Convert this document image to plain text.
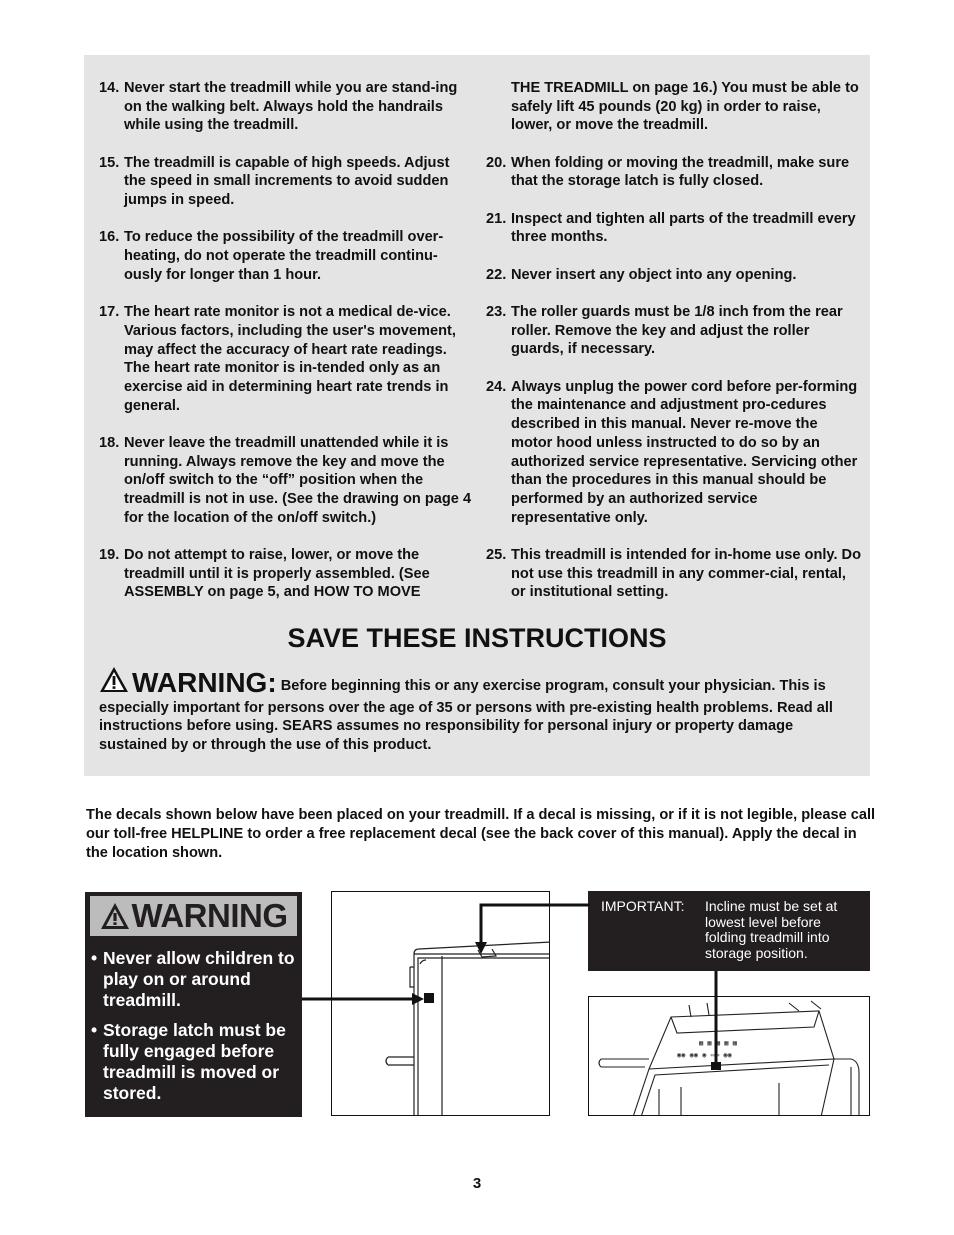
14. Never start the treadmill while you are stand-ing on the walking belt. Always hold the handrails while using the treadmill.
15. The treadmill is capable of high speeds. Adjust the speed in small increments to avoid sudden jumps in speed.
16. To reduce the possibility of the treadmill over-heating, do not operate the treadmill continu-ously for longer than 1 hour.
17. The heart rate monitor is not a medical de-vice. Various factors, including the user's movement, may affect the accuracy of heart rate readings. The heart rate monitor is in-tended only as an exercise aid in determining heart rate trends in general.
18. Never leave the treadmill unattended while it is running. Always remove the key and move the on/off switch to the “off” position when the treadmill is not in use. (See the drawing on page 4 for the location of the on/off switch.)
19. Do not attempt to raise, lower, or move the treadmill until it is properly assembled. (See ASSEMBLY on page 5, and HOW TO MOVE
THE TREADMILL on page 16.) You must be able to safely lift 45 pounds (20 kg) in order to raise, lower, or move the treadmill.
20. When folding or moving the treadmill, make sure that the storage latch is fully closed.
21. Inspect and tighten all parts of the treadmill every three months.
22. Never insert any object into any opening.
23. The roller guards must be 1/8 inch from the rear roller. Remove the key and adjust the roller guards, if necessary.
24. Always unplug the power cord before per-forming the maintenance and adjustment pro-cedures described in this manual. Never re-move the motor hood unless instructed to do so by an authorized service representative. Servicing other than the procedures in this manual should be performed by an authorized service representative only.
25. This treadmill is intended for in-home use only. Do not use this treadmill in any commer-cial, rental, or institutional setting.
SAVE THESE INSTRUCTIONS
WARNING: Before beginning this or any exercise program, consult your physician. This is especially important for persons over the age of 35 or persons with pre-existing health problems. Read all instructions before using. SEARS assumes no responsibility for personal injury or property damage sustained by or through the use of this product.
The decals shown below have been placed on your treadmill. If a decal is missing, or if it is not legible, please call our toll-free HELPLINE to order a free replacement decal (see the back cover of this manual). Apply the decal in the location shown.
WARNING
• Never allow children to play on or around treadmill.
• Storage latch must be fully engaged before treadmill is moved or stored.
IMPORTANT: Incline must be set at lowest level before folding treadmill into storage position.
▦ ▦ ▦ ▦ ▦
◉◉ ◉◉ ◉ ▭▭ ◉◉
3
